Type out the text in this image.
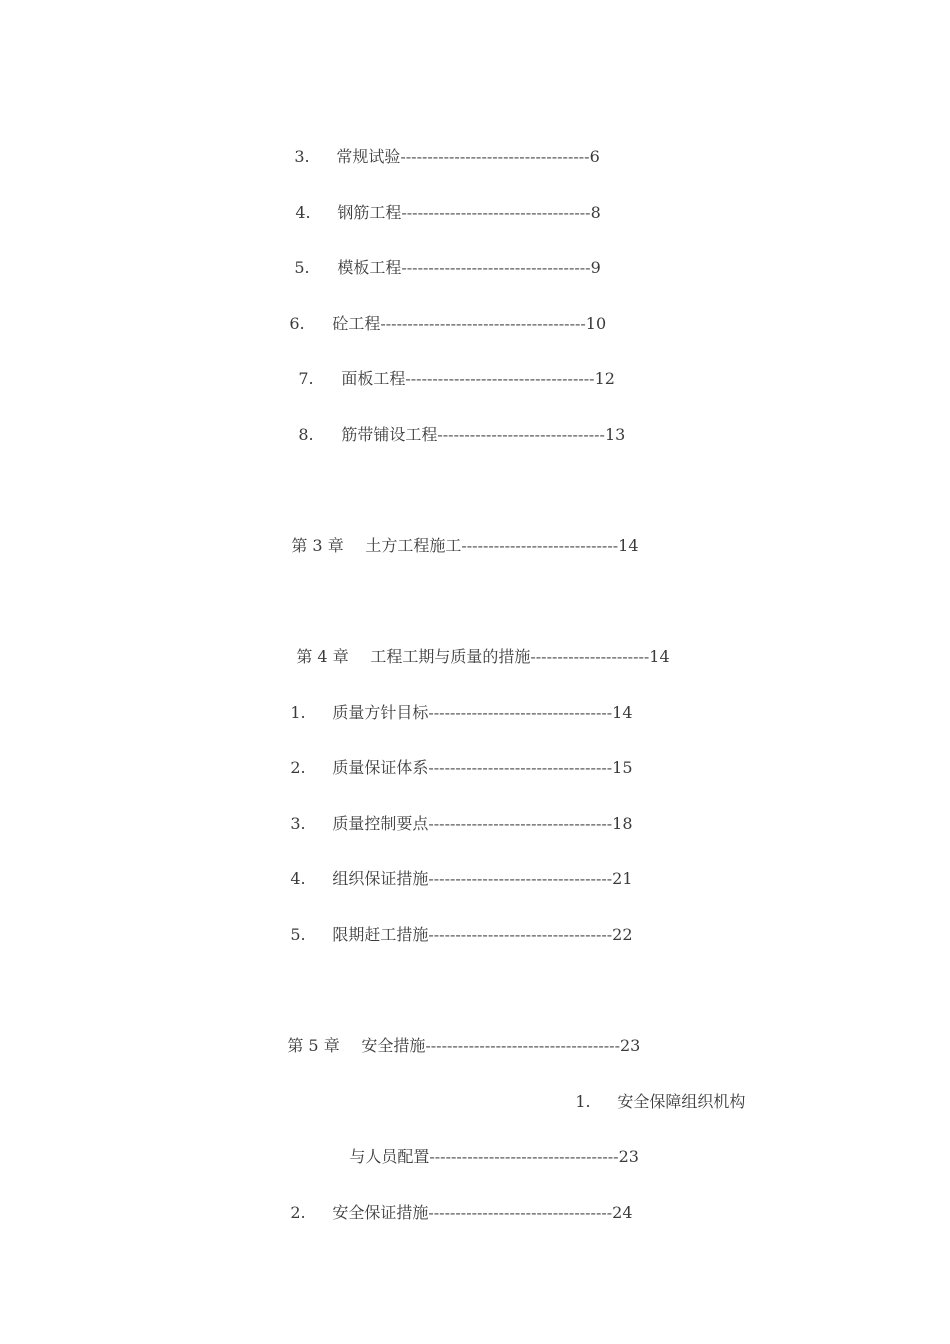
3. 常规试验-----------------------------------6

4. 钢筋工程-----------------------------------8

5. 模板工程-----------------------------------9

6. 砼工程--------------------------------------10

7. 面板工程-----------------------------------12

8. 筋带铺设工程-------------------------------13

第 3 章 土方工程施工-----------------------------14

第 4 章 工程工期与质量的措施----------------------14

1. 质量方针目标----------------------------------14

2. 质量保证体系----------------------------------15

3. 质量控制要点----------------------------------18

4. 组织保证措施----------------------------------21

5. 限期赶工措施----------------------------------22

第 5 章 安全措施------------------------------------23

1. 安全保障组织机构

与人员配置-----------------------------------23

2. 安全保证措施----------------------------------24
